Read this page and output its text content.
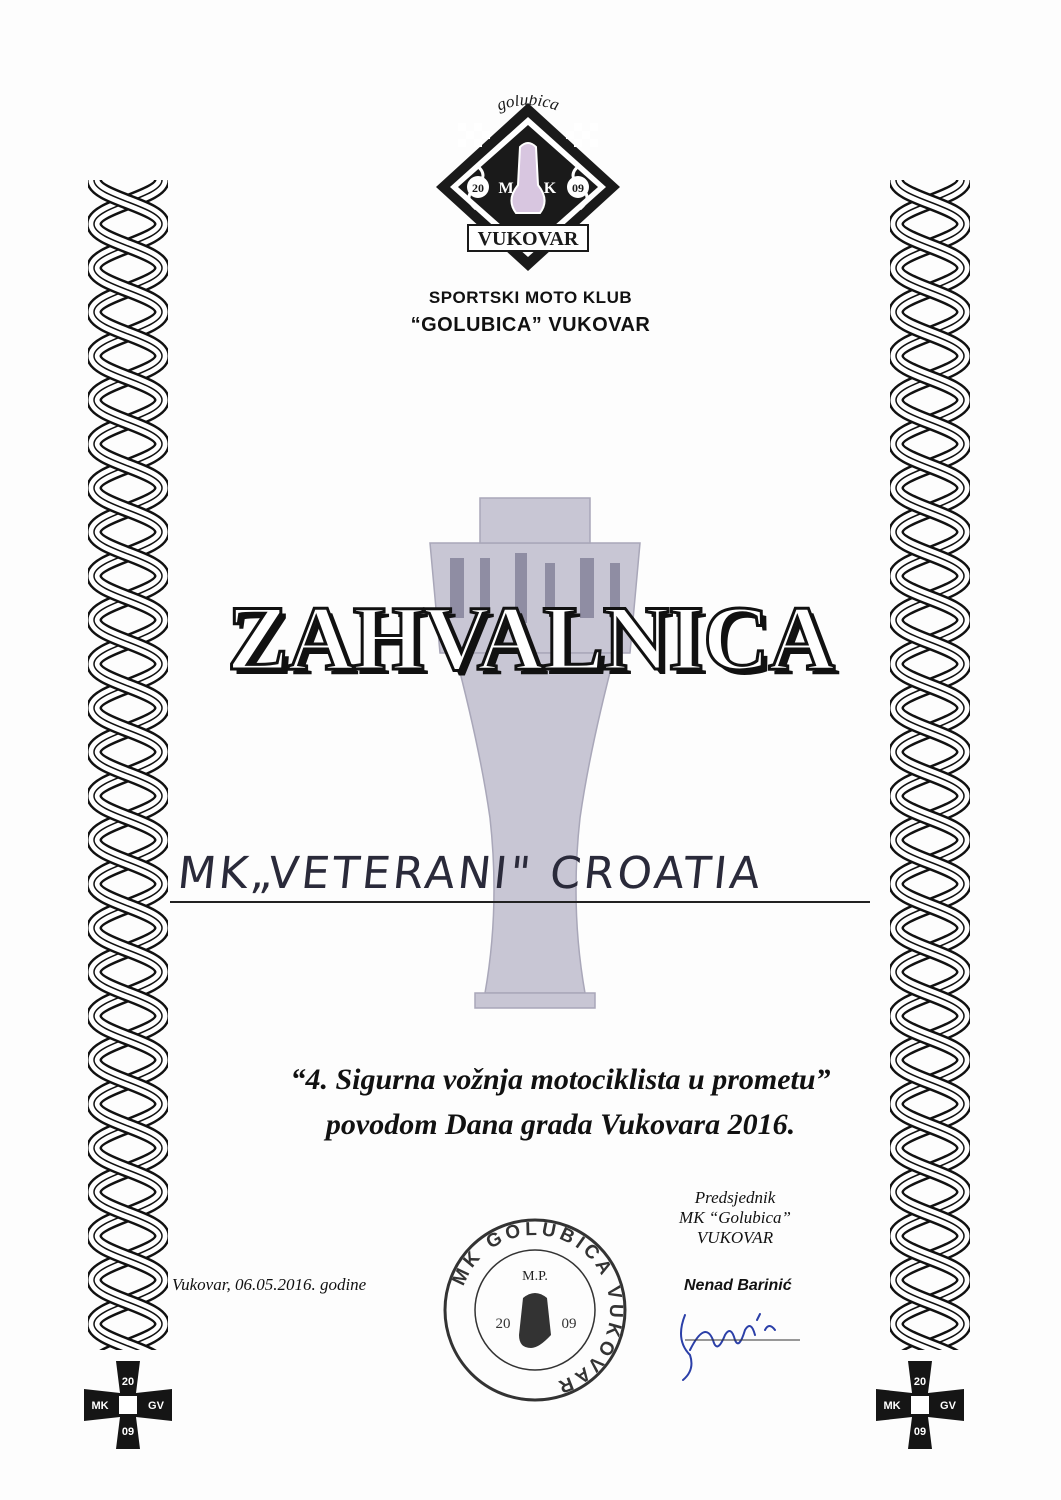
golubica
20	09
M K
VUKOVAR
SPORTSKI MOTO KLUB
“GOLUBICA” VUKOVAR
ZAHVALNICA
MK„VETERANI" CROATIA
“4. Sigurna vožnja motociklista u prometu”
povodom Dana grada Vukovara 2016.
Predsjednik
MK “Golubica”
VUKOVAR
Nenad Barinić
Vukovar, 06.05.2016. godine	MK GOLUBICA VUKOVAR
M.P.
20	09
MK	GV
20
09
MK	GV
20
09
